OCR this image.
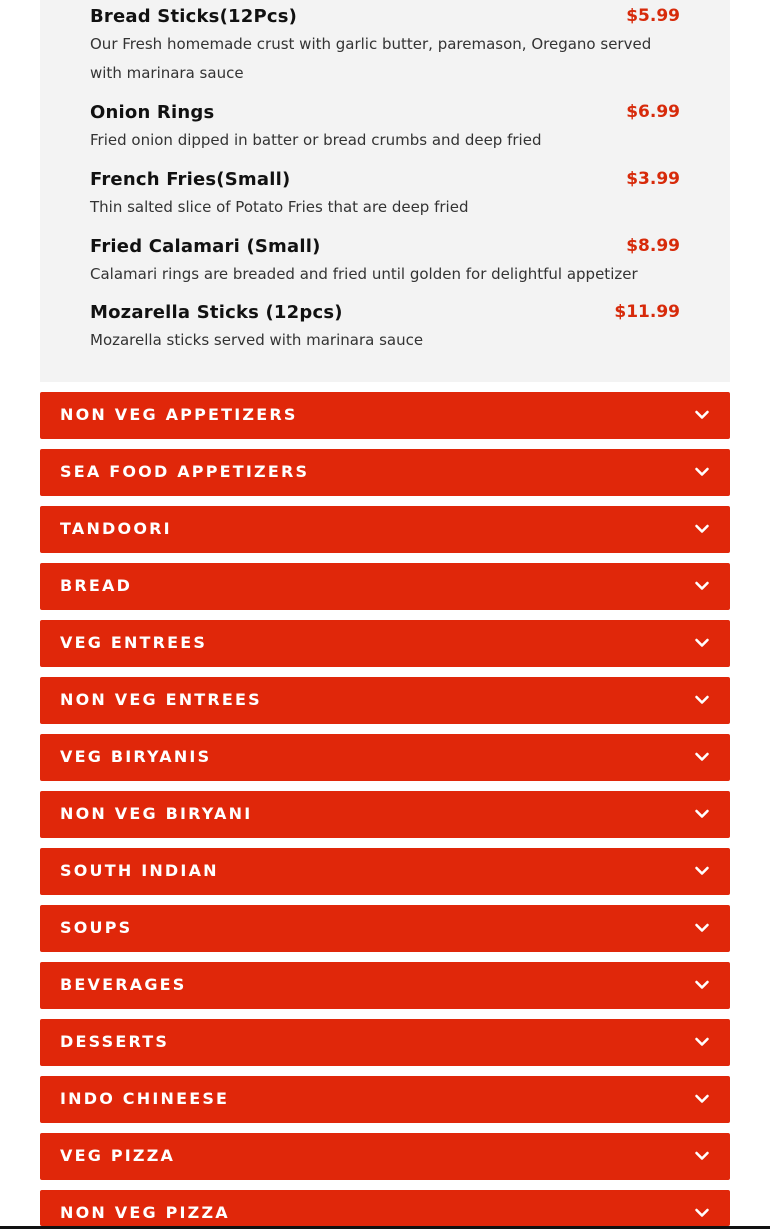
Bread Sticks(12Pcs)	$5.99
Our Fresh homemade crust with garlic butter, paremason, Oregano served with marinara sauce
Onion Rings	$6.99
Fried onion dipped in batter or bread crumbs and deep fried
French Fries(Small)	$3.99
Thin salted slice of Potato Fries that are deep fried
Fried Calamari (Small)	$8.99
Calamari rings are breaded and fried until golden for delightful appetizer
Mozarella Sticks (12pcs)	$11.99
Mozarella sticks served with marinara sauce
NON VEG APPETIZERS
SEA FOOD APPETIZERS
TANDOORI
BREAD
VEG ENTREES
NON VEG ENTREES
VEG BIRYANIS
NON VEG BIRYANI
SOUTH INDIAN
SOUPS
BEVERAGES
DESSERTS
INDO CHINEESE
VEG PIZZA
NON VEG PIZZA
